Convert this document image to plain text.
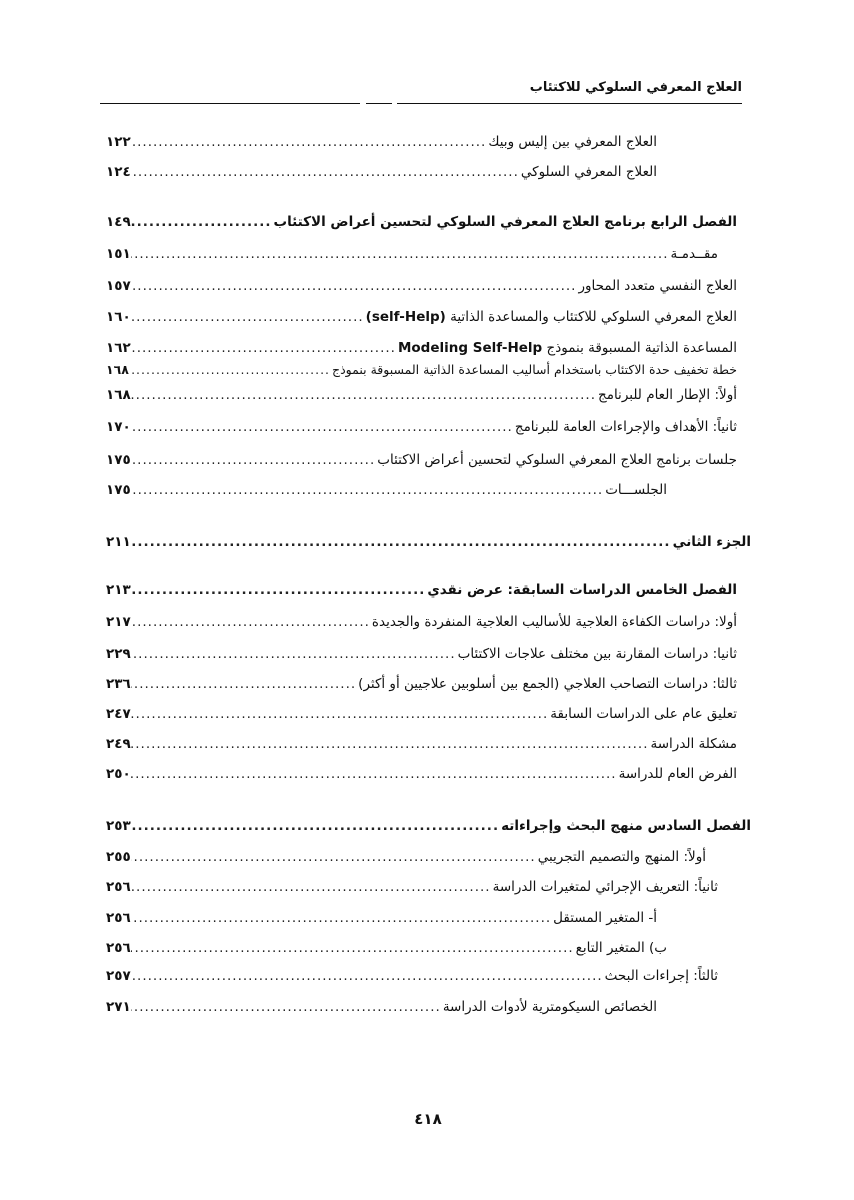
العلاج المعرفي السلوكي للاكتئاب
العلاج المعرفي بين إليس وبيك
.....
١٢٢
العلاج المعرفي السلوكي
.....
١٢٤
الفصل الرابع برنامج العلاج المعرفي السلوكي لتحسين أعراض الاكتئاب
.....
١٤٩
مقــدمـة
.....
١٥١
العلاج النفسي متعدد المحاور
.....
١٥٧
العلاج المعرفي السلوكي للاكتئاب والمساعدة الذاتية (self-Help)
.....
١٦٠
المساعدة الذاتية المسبوقة بنموذج Modeling Self-Help
.....
١٦٢
خطة تخفيف حدة الاكتئاب باستخدام أساليب المساعدة الذاتية المسبوقة بنموذج
.....
١٦٨
أولاً: الإطار العام للبرنامج
.....
١٦٨
ثانياً: الأهداف والإجراءات العامة للبرنامج
.....
١٧٠
جلسات برنامج العلاج المعرفي السلوكي لتحسين أعراض الاكتئاب
.....
١٧٥
الجلســـات
.....
١٧٥
الجزء الثاني
.....
٢١١
الفصل الخامس الدراسات السابقة: عرض نقدي
.....
٢١٣
أولا: دراسات الكفاءة العلاجية للأساليب العلاجية المنفردة والجديدة
.....
٢١٧
ثانيا: دراسات المقارنة بين مختلف علاجات الاكتئاب
.....
٢٢٩
ثالثا: دراسات التصاحب العلاجي (الجمع بين أسلوبين علاجيين أو أكثر)
.....
٢٣٦
تعليق عام على الدراسات السابقة
.....
٢٤٧
مشكلة الدراسة
.....
٢٤٩
الفرض العام للدراسة
.....
٢٥٠
الفصل السادس منهج البحث وإجراءاته
.....
٢٥٣
أولاً: المنهج والتصميم التجريبي
.....
٢٥٥
ثانياً: التعريف الإجرائي لمتغيرات الدراسة
.....
٢٥٦
أ- المتغير المستقل
.....
٢٥٦
ب) المتغير التابع
.....
٢٥٦
ثالثاً: إجراءات البحث
.....
٢٥٧
الخصائص السيكومترية لأدوات الدراسة
.....
٢٧١
٤١٨
